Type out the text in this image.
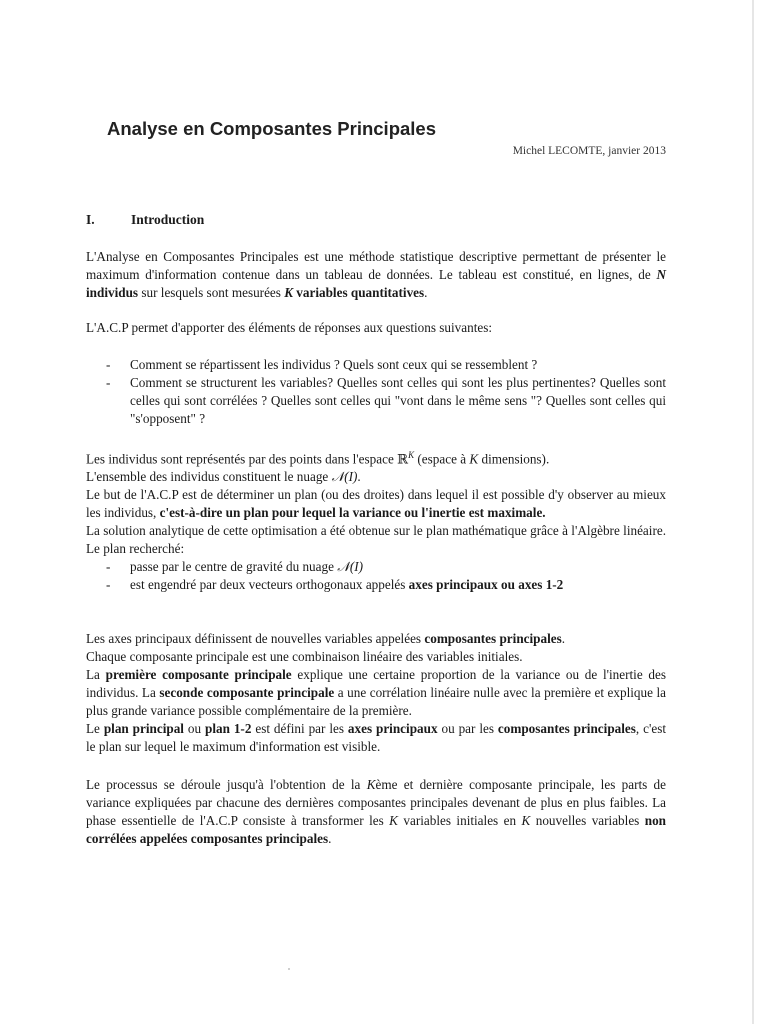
Analyse en Composantes Principales
Michel LECOMTE, janvier 2013
I.	Introduction

L'Analyse en Composantes Principales est une méthode statistique descriptive permettant de présenter le maximum d'information contenue dans un tableau de données. Le tableau est constitué, en lignes, de N individus sur lesquels sont mesurées K variables quantitatives.

L'A.C.P permet d'apporter des éléments de réponses aux questions suivantes:
- Comment se répartissent les individus ? Quels sont ceux qui se ressemblent ?
- Comment se structurent les variables? Quelles sont celles qui sont les plus pertinentes? Quelles sont celles qui sont corrélées ? Quelles sont celles qui "vont dans le même sens "? Quelles sont celles qui "s'opposent" ?

Les individus sont représentés par des points dans l'espace ℝ$^K$ (espace à K dimensions).

L'ensemble des individus constituent le nuage 𝒩(I).

Le but de l'A.C.P est de déterminer un plan (ou des droites) dans lequel il est possible d'y observer au mieux les individus, c'est-à-dire un plan pour lequel la variance ou l'inertie est maximale.

La solution analytique de cette optimisation a été obtenue sur le plan mathématique grâce à l'Algèbre linéaire. Le plan recherché:

- passe par le centre de gravité du nuage 𝒩(I)
- est engendré par deux vecteurs orthogonaux appelés axes principaux ou axes 1-2

Les axes principaux définissent de nouvelles variables appelées composantes principales.

Chaque composante principale est une combinaison linéaire des variables initiales.

La première composante principale explique une certaine proportion de la variance ou de l'inertie des individus. La seconde composante principale a une corrélation linéaire nulle avec la première et explique la plus grande variance possible complémentaire de la première.

Le plan principal ou plan 1-2 est défini par les axes principaux ou par les composantes principales, c'est le plan sur lequel le maximum d'information est visible.

Le processus se déroule jusqu'à l'obtention de la Kème et dernière composante principale, les parts de variance expliquées par chacune des dernières composantes principales devenant de plus en plus faibles. La phase essentielle de l'A.C.P consiste à transformer les K variables initiales en K nouvelles variables non corrélées appelées composantes principales.
